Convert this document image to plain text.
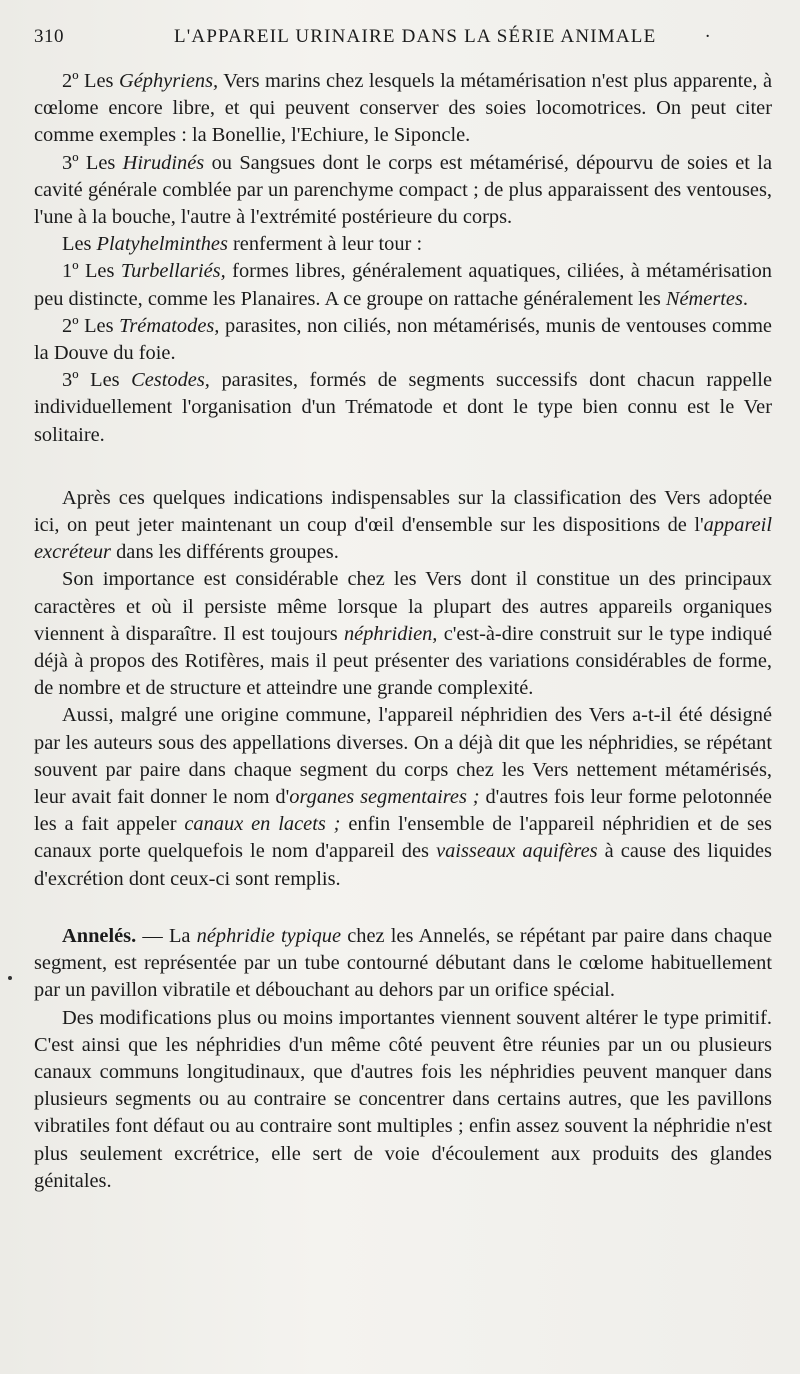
310	L'APPAREIL URINAIRE DANS LA SÉRIE ANIMALE	·

2º Les Géphyriens, Vers marins chez lesquels la métamérisation n'est plus apparente, à cœlome encore libre, et qui peuvent conserver des soies locomotrices. On peut citer comme exemples : la Bonellie, l'Echiure, le Siponcle.

3º Les Hirudinés ou Sangsues dont le corps est métamérisé, dépourvu de soies et la cavité générale comblée par un parenchyme compact ; de plus apparaissent des ventouses, l'une à la bouche, l'autre à l'extrémité postérieure du corps.

Les Platyhelminthes renferment à leur tour :

1º Les Turbellariés, formes libres, généralement aquatiques, ciliées, à métamérisation peu distincte, comme les Planaires. A ce groupe on rattache généralement les Némertes.

2º Les Trématodes, parasites, non ciliés, non métamérisés, munis de ventouses comme la Douve du foie.

3º Les Cestodes, parasites, formés de segments successifs dont chacun rappelle individuellement l'organisation d'un Trématode et dont le type bien connu est le Ver solitaire.

Après ces quelques indications indispensables sur la classification des Vers adoptée ici, on peut jeter maintenant un coup d'œil d'ensemble sur les dispositions de l'appareil excréteur dans les différents groupes.

Son importance est considérable chez les Vers dont il constitue un des principaux caractères et où il persiste même lorsque la plupart des autres appareils organiques viennent à disparaître. Il est toujours néphridien, c'est-à-dire construit sur le type indiqué déjà à propos des Rotifères, mais il peut présenter des variations considérables de forme, de nombre et de structure et atteindre une grande complexité.

Aussi, malgré une origine commune, l'appareil néphridien des Vers a-t-il été désigné par les auteurs sous des appellations diverses. On a déjà dit que les néphridies, se répétant souvent par paire dans chaque segment du corps chez les Vers nettement métamérisés, leur avait fait donner le nom d'organes segmentaires ; d'autres fois leur forme pelotonnée les a fait appeler canaux en lacets ; enfin l'ensemble de l'appareil néphridien et de ses canaux porte quelquefois le nom d'appareil des vaisseaux aquifères à cause des liquides d'excrétion dont ceux-ci sont remplis.

Annelés. — La néphridie typique chez les Annelés, se répétant par paire dans chaque segment, est représentée par un tube contourné débutant dans le cœlome habituellement par un pavillon vibratile et débouchant au dehors par un orifice spécial.

Des modifications plus ou moins importantes viennent souvent altérer le type primitif. C'est ainsi que les néphridies d'un même côté peuvent être réunies par un ou plusieurs canaux communs longitudinaux, que d'autres fois les néphridies peuvent manquer dans plusieurs segments ou au contraire se concentrer dans certains autres, que les pavillons vibratiles font défaut ou au contraire sont multiples ; enfin assez souvent la néphridie n'est plus seulement excrétrice, elle sert de voie d'écoulement aux produits des glandes génitales.
